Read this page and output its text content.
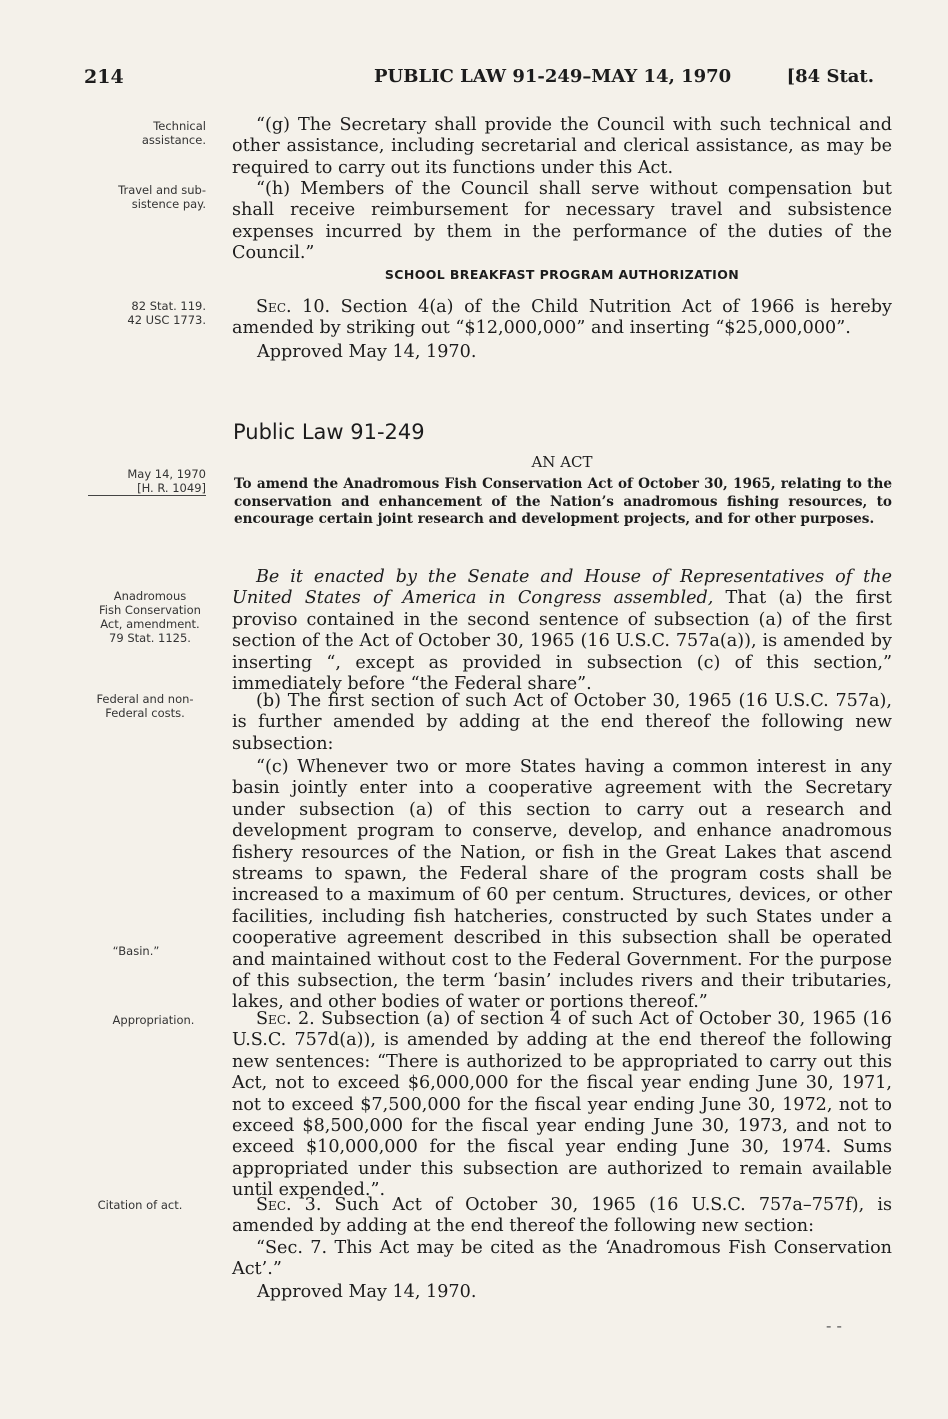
214	PUBLIC LAW 91-249–MAY 14, 1970	[84 Stat.
Technical assistance.
Travel and sub-sistence pay.
82 Stat. 119.
42 USC 1773.
May 14, 1970
[H. R. 1049]
Anadromous
Fish Conservation
Act, amendment.
79 Stat. 1125.
Federal and non-Federal costs.
“Basin.”
Appropriation.
Citation of act.

“(g) The Secretary shall provide the Council with such technical and other assistance, including secretarial and clerical assistance, as may be required to carry out its functions under this Act.

“(h) Members of the Council shall serve without compensation but shall receive reimbursement for necessary travel and subsistence expenses incurred by them in the performance of the duties of the Council.”

SCHOOL BREAKFAST PROGRAM AUTHORIZATION

Sec. 10. Section 4(a) of the Child Nutrition Act of 1966 is hereby amended by striking out “$12,000,000” and inserting “$25,000,000”.

Approved May 14, 1970.
Public Law 91-249
AN ACT
To amend the Anadromous Fish Conservation Act of October 30, 1965, relating to the conservation and enhancement of the Nation’s anadromous fishing resources, to encourage certain joint research and development projects, and for other purposes.

Be it enacted by the Senate and House of Representatives of the United States of America in Congress assembled, That (a) the first proviso contained in the second sentence of subsection (a) of the first section of the Act of October 30, 1965 (16 U.S.C. 757a(a)), is amended by inserting “, except as provided in subsection (c) of this section,” immediately before “the Federal share”.

(b) The first section of such Act of October 30, 1965 (16 U.S.C. 757a), is further amended by adding at the end thereof the following new subsection:

“(c) Whenever two or more States having a common interest in any basin jointly enter into a cooperative agreement with the Secretary under subsection (a) of this section to carry out a research and development program to conserve, develop, and enhance anadromous fishery resources of the Nation, or fish in the Great Lakes that ascend streams to spawn, the Federal share of the program costs shall be increased to a maximum of 60 per centum. Structures, devices, or other facilities, including fish hatcheries, constructed by such States under a cooperative agreement described in this subsection shall be operated and maintained without cost to the Federal Government. For the purpose of this subsection, the term ‘basin’ includes rivers and their tributaries, lakes, and other bodies of water or portions thereof.”

Sec. 2. Subsection (a) of section 4 of such Act of October 30, 1965 (16 U.S.C. 757d(a)), is amended by adding at the end thereof the following new sentences: “There is authorized to be appropriated to carry out this Act, not to exceed $6,000,000 for the fiscal year ending June 30, 1971, not to exceed $7,500,000 for the fiscal year ending June 30, 1972, not to exceed $8,500,000 for the fiscal year ending June 30, 1973, and not to exceed $10,000,000 for the fiscal year ending June 30, 1974. Sums appropriated under this subsection are authorized to remain available until expended.”.

Sec. 3. Such Act of October 30, 1965 (16 U.S.C. 757a–757f), is amended by adding at the end thereof the following new section:

“Sec. 7. This Act may be cited as the ‘Anadromous Fish Conservation Act’.”

Approved May 14, 1970.
- -
